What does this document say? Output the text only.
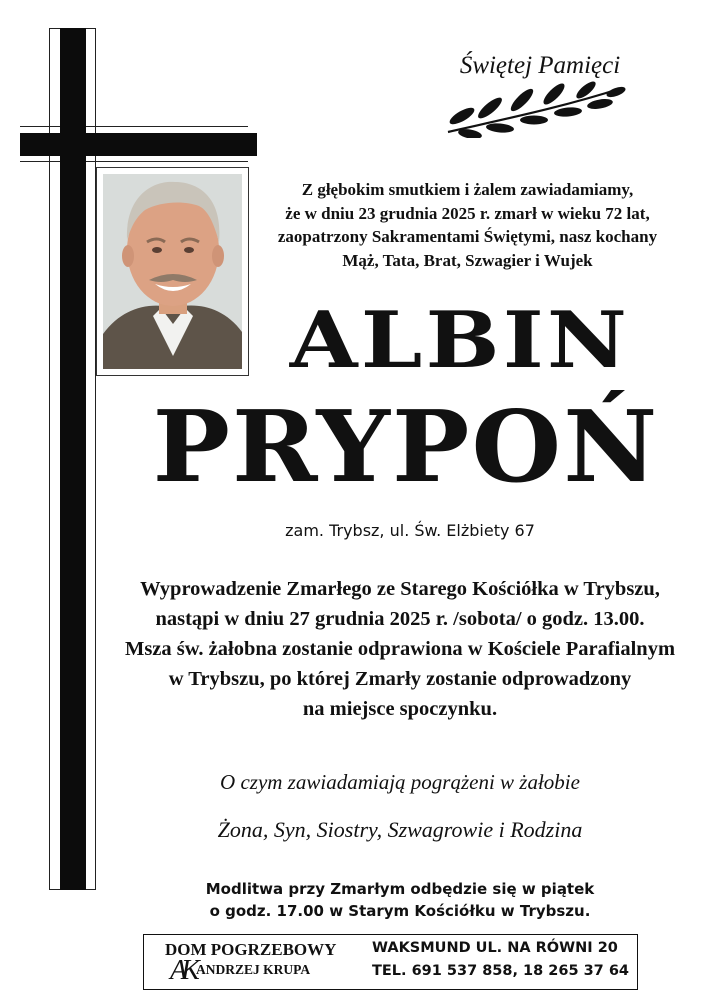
Świętej Pamięci
Z głębokim smutkiem i żalem zawiadamiamy,
że w dniu 23 grudnia 2025 r. zmarł w wieku 72 lat,
zaopatrzony Sakramentami Świętymi, nasz kochany
Mąż, Tata, Brat, Szwagier i Wujek
ALBIN
PRYPOŃ
zam. Trybsz, ul. Św. Elżbiety 67
Wyprowadzenie Zmarłego ze Starego Kościółka w Trybszu,
nastąpi w dniu 27 grudnia 2025 r. /sobota/ o godz. 13.00.
Msza św. żałobna zostanie odprawiona w Kościele Parafialnym
w Trybszu, po której Zmarły zostanie odprowadzony
na miejsce spoczynku.
O czym zawiadamiają pogrążeni w żałobie
Żona, Syn, Siostry, Szwagrowie i Rodzina
Modlitwa przy Zmarłym odbędzie się w piątek
o godz. 17.00 w Starym Kościółku w Trybszu.
DOM POGRZEBOWY
AK ANDRZEJ KRUPA
WAKSMUND UL. NA RÓWNI 20
TEL. 691 537 858, 18 265 37 64
